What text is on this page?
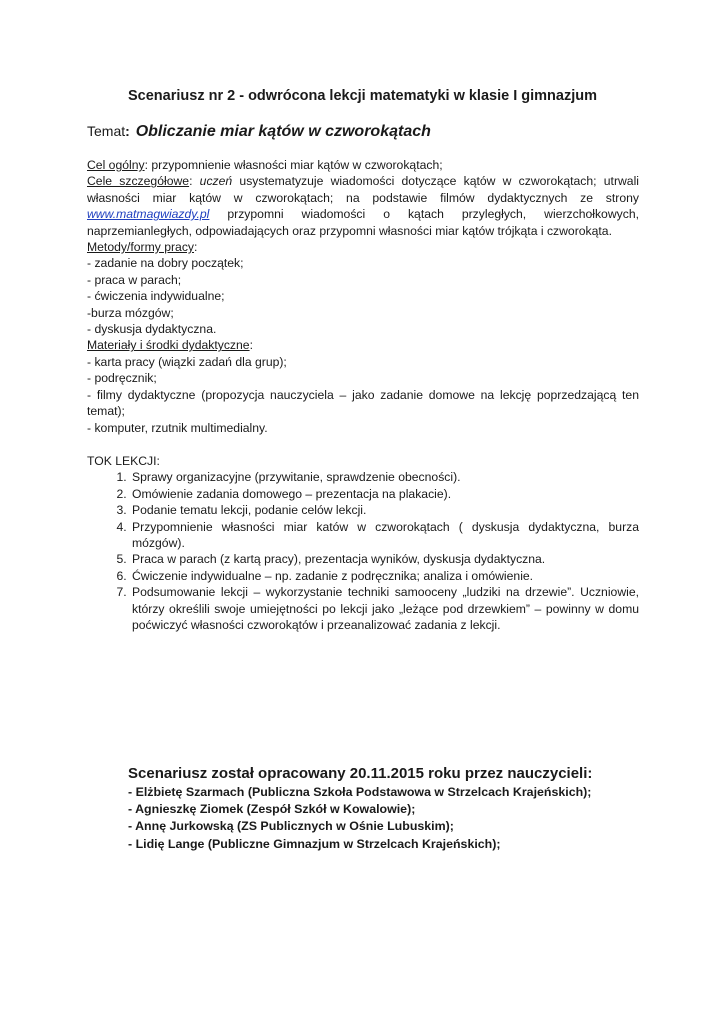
Scenariusz nr 2 - odwrócona lekcji matematyki w klasie I gimnazjum
Temat: Obliczanie miar kątów w czworokątach
Cel ogólny: przypomnienie własności miar kątów w czworokątach;
Cele szczegółowe: uczeń usystematyzuje wiadomości dotyczące kątów w czworokątach; utrwali własności miar kątów w czworokątach; na podstawie filmów dydaktycznych ze strony www.matmagwiazdy.pl przypomni wiadomości o kątach przyległych, wierzchołkowych, naprzemianległych, odpowiadających oraz przypomni własności miar kątów trójkąta i czworokąta.
Metody/formy pracy:
- zadanie na dobry początek;
- praca w parach;
- ćwiczenia indywidualne;
-burza mózgów;
- dyskusja dydaktyczna.
Materiały i środki dydaktyczne:
- karta pracy (wiązki zadań dla grup);
- podręcznik;
- filmy dydaktyczne (propozycja nauczyciela – jako zadanie domowe na lekcję poprzedzającą ten temat);
- komputer, rzutnik multimedialny.
TOK LEKCJI:
1. Sprawy organizacyjne (przywitanie, sprawdzenie obecności).
2. Omówienie zadania domowego – prezentacja na plakacie).
3. Podanie tematu lekcji, podanie celów lekcji.
4. Przypomnienie własności miar katów w czworokątach ( dyskusja dydaktyczna, burza mózgów).
5. Praca w parach (z kartą pracy), prezentacja wyników, dyskusja dydaktyczna.
6. Ćwiczenie indywidualne – np. zadanie z podręcznika; analiza i omówienie.
7. Podsumowanie lekcji – wykorzystanie techniki samooceny „ludziki na drzewie”. Uczniowie, którzy określili swoje umiejętności po lekcji jako „leżące pod drzewkiem” – powinny w domu poćwiczyć własności czworokątów i przeanalizować zadania z lekcji.
Scenariusz został opracowany 20.11.2015 roku przez nauczycieli:
- Elżbietę Szarmach (Publiczna Szkoła Podstawowa w Strzelcach Krajeńskich);
- Agnieszkę Ziomek (Zespół Szkół w Kowalowie);
- Annę Jurkowską (ZS Publicznych w Ośnie Lubuskim);
- Lidię Lange (Publiczne Gimnazjum w Strzelcach Krajeńskich);
